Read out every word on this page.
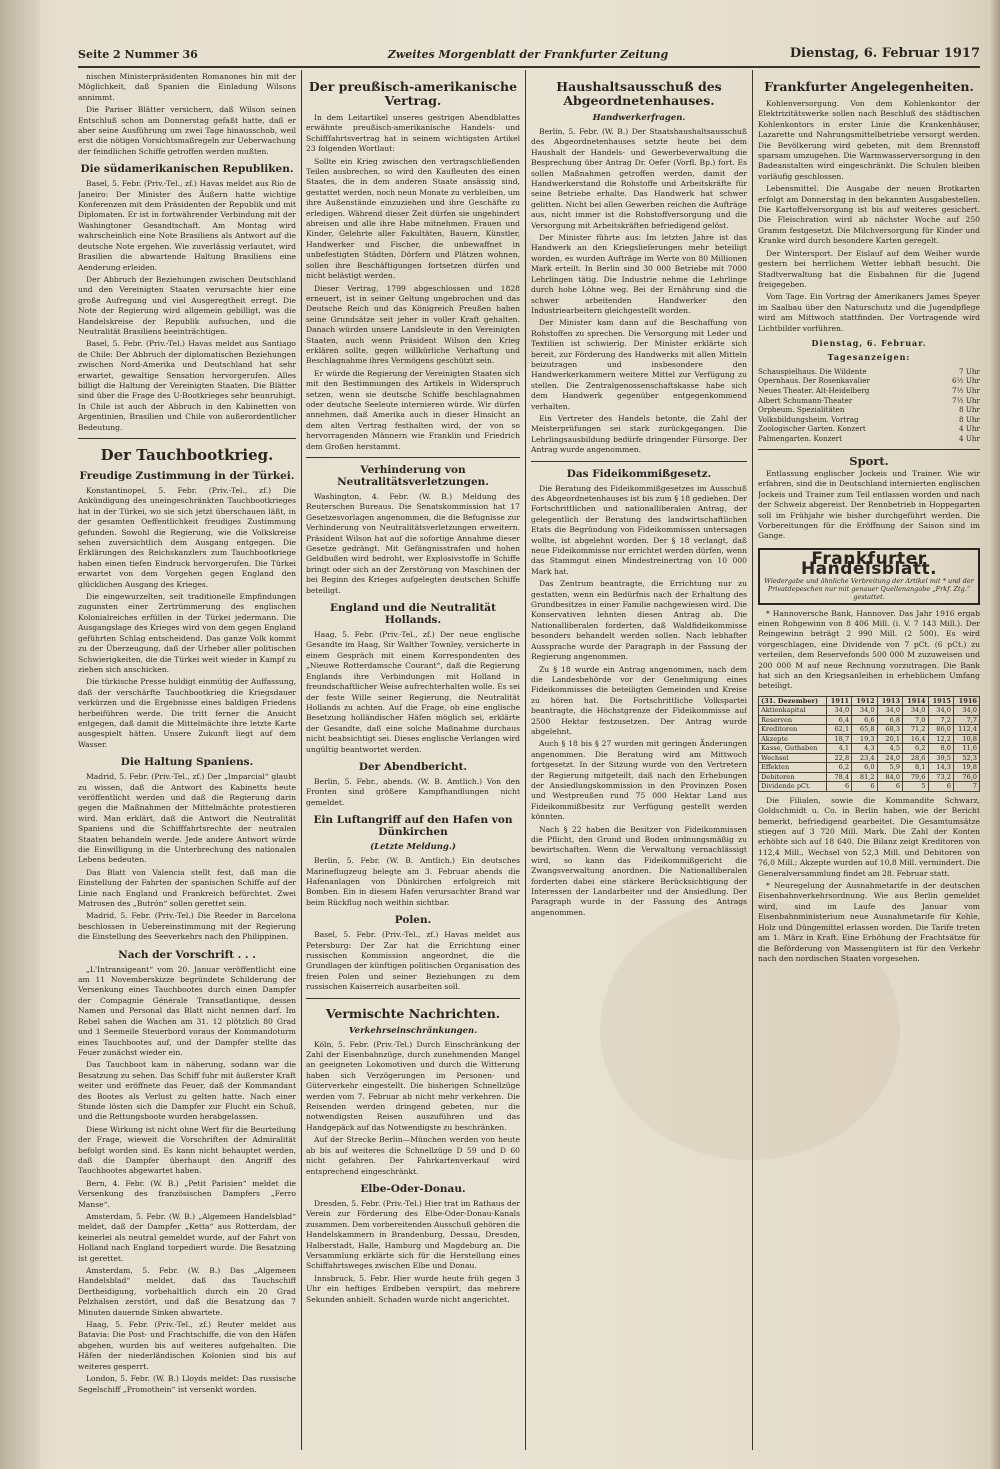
Seite 2 Nummer 36	Zweites Morgenblatt der Frankfurter Zeitung	Dienstag, 6. Februar 1917

nischen Ministerpräsidenten Romanones hin mit der Möglichkeit, daß Spanien die Einladung Wilsons annimmt.

Die Pariser Blätter versichern, daß Wilson seinen Entschluß schon am Donnerstag gefaßt hatte, daß er aber seine Ausführung um zwei Tage hinausschob, weil erst die nötigen Vorsichtsmaßregeln zur Ueberwachung der feindlichen Schiffe getroffen werden mußten.

Die südamerikanischen Republiken.

Basel, 5. Febr. (Priv.-Tel., zf.) Havas meldet aus Rio de Janeiro: Der Minister des Äußern hatte wichtige Konferenzen mit dem Präsidenten der Republik und mit Diplomaten. Er ist in fortwährender Verbindung mit der Washingtoner Gesandtschaft. Am Montag wird wahrscheinlich eine Note Brasiliens als Antwort auf die deutsche Note ergehen. Wie zuverlässig verlautet, wird Brasilien die abwartende Haltung Brasiliens eine Aenderung erleiden.

Der Abbruch der Beziehungen zwischen Deutschland und den Vereinigten Staaten verursachte hier eine große Aufregung und viel Ausgeregtheit erregt. Die Note der Regierung wird allgemein gebilligt, was die Handelskreise der Republik aufsuchen, und die Neutralität Brasiliens beeinträchtigen.

Basel, 5. Febr. (Priv.-Tel.) Havas meldet aus Santiago de Chile: Der Abbruch der diplomatischen Beziehungen zwischen Nord-Amerika und Deutschland hat sehr erwartet, gewaltige Sensation hervorgerufen. Alles billigt die Haltung der Vereinigten Staaten. Die Blätter sind über die Frage des U-Bootkrieges sehr beunruhigt. In Chile ist auch der Abbruch in den Kabinetten von Argentinien, Brasilien und Chile von außerordentlicher Bedeutung.

Der Tauchbootkrieg.
Freudige Zustimmung in der Türkei.

Konstantinopel, 5. Febr. (Priv.-Tel., zf.) Die Ankündigung des uneingeschränkten Tauchbootkrieges hat in der Türkei, wo sie sich jetzt überschauen läßt, in der gesamten Oeffentlichkeit freudiges Zustimmung gefunden. Sowohl die Regierung, wie die Volkskreise sehen zuversichtlich dem Ausgang entgegen. Die Erklärungen des Reichskanzlers zum Tauchbootkriege haben einen tiefen Eindruck hervorgerufen. Die Türkei erwartet von dem Vorgehen gegen England den glücklichen Ausgang des Krieges.

Die eingewurzelten, seit traditionelle Empfindungen zugunsten einer Zertrümmerung des englischen Kolonialreiches erfüllen in der Türkei jedermann. Die Ausgangslage des Krieges wird von dem gegen England geführten Schlag entscheidend. Das ganze Volk kommt zu der Überzeugung, daß der Urheber aller politischen Schwierigkeiten, die die Türkei weit wieder in Kampf zu ziehen sich anschicken.

Die türkische Presse huldigt einmütig der Auffassung, daß der verschärfte Tauchbootkrieg die Kriegsdauer verkürzen und die Ergebnisse eines baldigen Friedens herbeiführen werde. Die tritt ferner die Ansicht entgegen, daß damit die Mittelmächte ihre letzte Karte ausgespielt hätten. Unsere Zukunft liegt auf dem Wasser.

Die Haltung Spaniens.

Madrid, 5. Febr. (Priv.-Tel., zf.) Der „Imparcial“ glaubt zu wissen, daß die Antwort des Kabinetts heute veröffentlicht werden und daß die Regierung darin gegen die Maßnahmen der Mittelmächte protestieren wird. Man erklärt, daß die Antwort die Neutralität Spaniens und die Schifffahrtsrechte der neutralen Staaten behandeln werde. Jede andere Antwort würde die Einwilligung in die Unterbrechung des nationalen Lebens bedeuten.

Das Blatt von Valencia stellt fest, daß man die Einstellung der Fahrten der spanischen Schiffe auf der Linie nach England und Frankreich befürchtet. Zwei Matrosen des „Butrón“ sollen gerettet sein.

Madrid, 5. Febr. (Priv.-Tel.) Die Reeder in Barcelona beschlossen in Uebereinstimmung mit der Regierung die Einstellung des Seeverkehrs nach den Philippinen.

Nach der Vorschrift . . .

„L'Intransigeant“ vom 20. Januar veröffentlicht eine am 11 Novemberskizze begründete Schilderung der Versenkung eines Tauchbootes durch einen Dampfer der Compagnie Générale Transatlantique, dessen Namen und Personal das Blatt nicht nennen darf. Im Rebel sahen die Wachen am 31. 12 plötzlich 80 Grad und 1 Seemeile Steuerbord voraus der Kommandoturm eines Tauchbootes auf, und der Dampfer stellte das Feuer zunächst wieder ein.

Das Tauchboot kam in näherung, sodann war die Besatzung zu sehen. Das Schiff fuhr mit äußerster Kraft weiter und eröffnete das Feuer, daß der Kommandant des Bootes als Verlust zu gelten hatte. Nach einer Stunde lösten sich die Dampfer zur Flucht ein Schuß, und die Rettungsboote wurden herabgelassen.

Diese Wirkung ist nicht ohne Wert für die Beurteilung der Frage, wieweit die Vorschriften der Admiralität befolgt worden sind. Es kann nicht behauptet werden, daß die Dampfer überhaupt den Angriff des Tauchbootes abgewartet haben.

Bern, 4. Febr. (W. B.) „Petit Parisien“ meldet die Versenkung des französischen Dampfers „Ferro Manse“.

Amsterdam, 5. Febr. (W. B.) „Algemeen Handelsblad“ meldet, daß der Dampfer „Ketta“ aus Rotterdam, der keinerlei als neutral gemeldet wurde, auf der Fahrt von Holland nach England torpediert wurde. Die Besatzung ist gerettet.

Amsterdam, 5. Febr. (W. B.) Das „Algemeen Handelsblad“ meldet, daß das Tauchschiff Dertheidigung, vorbehaltlich durch ein 20 Grad Pelzhalsen zerstört, und daß die Besatzung das 7 Minuten dauernde Sinken abwartete.

Haag, 5. Febr. (Priv.-Tel., zf.) Reuter meldet aus Batavia: Die Post- und Frachtschiffe, die von den Häfen abgehen, wurden bis auf weiteres aufgehalten. Die Häfen der niederländischen Kolonien sind bis auf weiteres gesperrt.

London, 5. Febr. (W. B.) Lloyds meldet: Das russische Segelschiff „Promothein“ ist versenkt worden.

Der preußisch-amerikanische Vertrag.

In dem Leitartikel unseres gestrigen Abendblattes erwähnte preußisch-amerikanische Handels- und Schifffahrtsvertrag hat in seinem wichtigsten Artikel 23 folgenden Wortlaut:

Sollte ein Krieg zwischen den vertragschließenden Teilen ausbrechen, so wird den Kaufleuten des einen Staates, die in dem anderen Staate ansässig sind, gestattet werden, noch neun Monate zu verbleiben, um ihre Außenstände einzuziehen und ihre Geschäfte zu erledigen. Während dieser Zeit dürfen sie ungehindert abreisen und alle ihre Habe mitnehmen. Frauen und Kinder, Gelehrte aller Fakultäten, Bauern, Künstler, Handwerker und Fischer, die unbewaffnet in unbefestigten Städten, Dörfern und Plätzen wohnen, sollen ihre Beschäftigungen fortsetzen dürfen und nicht belästigt werden.

Dieser Vertrag, 1799 abgeschlossen und 1828 erneuert, ist in seiner Geltung ungebrochen und das Deutsche Reich und das Königreich Preußen haben seine Grundsätze seit jeher in voller Kraft gehalten. Danach würden unsere Landsleute in den Vereinigten Staaten, auch wenn Präsident Wilson den Krieg erklären sollte, gegen willkürliche Verhaftung und Beschlagnahme ihres Vermögens geschützt sein.

Er würde die Regierung der Vereinigten Staaten sich mit den Bestimmungen des Artikels in Widerspruch setzen, wenn sie deutsche Schiffe beschlagnahmen oder deutsche Seeleute internieren würde. Wir dürfen annehmen, daß Amerika auch in dieser Hinsicht an dem alten Vertrag festhalten wird, der von so hervorragenden Männern wie Franklin und Friedrich dem Großen herstammt.

Verhinderung von Neutralitätsverletzungen.

Washington, 4. Febr. (W. B.) Meldung des Reuterschen Bureaus. Die Senatskommission hat 17 Gesetzesvorlagen angenommen, die die Befugnisse zur Verhinderung von Neutralitätsverletzungen erweitern. Präsident Wilson hat auf die sofortige Annahme dieser Gesetze gedrängt. Mit Gefängnisstrafen und hohen Geldbußen wird bedroht, wer Explosivstoffe in Schiffe bringt oder sich an der Zerstörung von Maschinen der bei Beginn des Krieges aufgelegten deutschen Schiffe beteiligt.

England und die Neutralität Hollands.

Haag, 5. Febr. (Priv.-Tel., zf.) Der neue englische Gesandte im Haag, Sir Walther Townley, versicherte in einem Gespräch mit einem Korrespondenten des „Nieuwe Rotterdamsche Courant“, daß die Regierung Englands ihre Verbindungen mit Holland in freundschaftlicher Weise aufrechterhalten wolle. Es sei der feste Wille seiner Regierung, die Neutralität Hollands zu achten. Auf die Frage, ob eine englische Besetzung holländischer Häfen möglich sei, erklärte der Gesandte, daß eine solche Maßnahme durchaus nicht beabsichtigt sei. Dieses englische Verlangen wird ungültig beantwortet werden.

Der Abendbericht.

Berlin, 5. Febr., abends. (W. B. Amtlich.) Von den Fronten sind größere Kampfhandlungen nicht gemeldet.

Ein Luftangriff auf den Hafen von Dünkirchen
(Letzte Meldung.)

Berlin, 5. Febr. (W. B. Amtlich.) Ein deutsches Marineflugzeug belegte am 3. Februar abends die Hafenanlagen von Dünkirchen erfolgreich mit Bomben. Ein in diesem Hafen verursachter Brand war beim Rückflug noch weithin sichtbar.

Polen.

Basel, 5. Febr. (Priv.-Tel., zf.) Havas meldet aus Petersburg: Der Zar hat die Errichtung einer russischen Kommission angeordnet, die die Grundlagen der künftigen politischen Organisation des freien Polen und seiner Beziehungen zu dem russischen Kaiserreich ausarbeiten soll.

Vermischte Nachrichten.
Verkehrseinschränkungen.

Köln, 5. Febr. (Priv.-Tel.) Durch Einschränkung der Zahl der Eisenbahnzüge, durch zunehmenden Mangel an geeigneten Lokomotiven und durch die Witterung haben sich Verzögerungen im Personen- und Güterverkehr eingestellt. Die bisherigen Schnellzüge werden vom 7. Februar ab nicht mehr verkehren. Die Reisenden werden dringend gebeten, nur die notwendigsten Reisen auszuführen und das Handgepäck auf das Notwendigste zu beschränken.

Auf der Strecke Berlin—München werden von heute ab bis auf weiteres die Schnellzüge D 59 und D 60 nicht gefahren. Der Fahrkartenverkauf wird entsprechend eingeschränkt.

Elbe-Oder-Donau.

Dresden, 5. Febr. (Priv.-Tel.) Hier trat im Rathaus der Verein zur Förderung des Elbe-Oder-Donau-Kanals zusammen. Dem vorbereitenden Ausschuß gehören die Handelskammern in Brandenburg, Dessau, Dresden, Halberstadt, Halle, Hamburg und Magdeburg an. Die Versammlung erklärte sich für die Herstellung eines Schiffahrtsweges zwischen Elbe und Donau.

Innsbruck, 5. Febr. Hier wurde heute früh gegen 3 Uhr ein heftiges Erdbeben verspürt, das mehrere Sekunden anhielt. Schaden wurde nicht angerichtet.

Haushaltsausschuß des Abgeordnetenhauses.
Handwerkerfragen.

Berlin, 5. Febr. (W. B.) Der Staatshaushaltsausschuß des Abgeordnetenhauses setzte heute bei dem Haushalt der Handels- und Gewerbeverwaltung die Besprechung über Antrag Dr. Oefer (Vorfl. Bp.) fort. Es sollen Maßnahmen getroffen werden, damit der Handwerkerstand die Rohstoffe und Arbeitskräfte für seine Betriebe erhalte. Das Handwerk hat schwer gelitten. Nicht bei allen Gewerben reichen die Aufträge aus, nicht immer ist die Rohstoffversorgung und die Versorgung mit Arbeitskräften befriedigend gelöst.

Der Minister führte aus: Im letzten Jahre ist das Handwerk an den Kriegslieferungen mehr beteiligt worden, es wurden Aufträge im Werte von 80 Millionen Mark erteilt. In Berlin sind 30 000 Betriebe mit 7000 Lehrlingen tätig. Die Industrie nehme die Lehrlinge durch hohe Löhne weg. Bei der Ernährung sind die schwer arbeitenden Handwerker den Industriearbeitern gleichgestellt worden.

Der Minister kam dann auf die Beschaffung von Rohstoffen zu sprechen. Die Versorgung mit Leder und Textilien ist schwierig. Der Minister erklärte sich bereit, zur Förderung des Handwerks mit allen Mitteln beizutragen und insbesondere den Handwerkerkammern weitere Mittel zur Verfügung zu stellen. Die Zentralgenossenschaftskasse habe sich dem Handwerk gegenüber entgegenkommend verhalten.

Ein Vertreter des Handels betonte, die Zahl der Meisterprüfungen sei stark zurückgegangen. Die Lehrlingsausbildung bedürfe dringender Fürsorge. Der Antrag wurde angenommen.

Das Fideikommißgesetz.

Die Beratung des Fideikommißgesetzes im Ausschuß des Abgeordnetenhauses ist bis zum § 18 gediehen. Der Fortschrittlichen und nationalliberalen Antrag, der gelegentlich der Beratung des landwirtschaftlichen Etats die Begründung von Fideikommissen untersagen wollte, ist abgelehnt worden. Der § 18 verlangt, daß neue Fideikommisse nur errichtet werden dürfen, wenn das Stammgut einen Mindestreinertrag von 10 000 Mark hat.

Das Zentrum beantragte, die Errichtung nur zu gestatten, wenn ein Bedürfnis nach der Erhaltung des Grundbesitzes in einer Familie nachgewiesen wird. Die Konservativen lehnten diesen Antrag ab. Die Nationalliberalen forderten, daß Waldfideikommisse besonders behandelt werden sollen. Nach lebhafter Aussprache wurde der Paragraph in der Fassung der Regierung angenommen.

Zu § 18 wurde ein Antrag angenommen, nach dem die Landesbehörde vor der Genehmigung eines Fideikommisses die beteiligten Gemeinden und Kreise zu hören hat. Die Fortschrittliche Volkspartei beantragte, die Höchstgrenze der Fideikommisse auf 2500 Hektar festzusetzen. Der Antrag wurde abgelehnt.

Auch § 18 bis § 27 wurden mit geringen Änderungen angenommen. Die Beratung wird am Mittwoch fortgesetzt. In der Sitzung wurde von den Vertretern der Regierung mitgeteilt, daß nach den Erhebungen der Ansiedlungskommission in den Provinzen Posen und Westpreußen rund 75 000 Hektar Land aus Fideikommißbesitz zur Verfügung gestellt werden könnten.

Nach § 22 haben die Besitzer von Fideikommissen die Pflicht, den Grund und Boden ordnungsmäßig zu bewirtschaften. Wenn die Verwaltung vernachlässigt wird, so kann das Fideikommißgericht die Zwangsverwaltung anordnen. Die Nationalliberalen forderten dabei eine stärkere Berücksichtigung der Interessen der Landarbeiter und der Ansiedlung. Der Paragraph wurde in der Fassung des Antrags angenommen.

Frankfurter Angelegenheiten.

Kohlenversorgung. Von dem Kohlenkontor der Elektrizitätswerke sollen nach Beschluß des städtischen Kohlenkontors in erster Linie die Krankenhäuser, Lazarette und Nahrungsmittelbetriebe versorgt werden. Die Bevölkerung wird gebeten, mit dem Brennstoff sparsam umzugehen. Die Warmwasserversorgung in den Badeanstalten wird eingeschränkt. Die Schulen bleiben vorläufig geschlossen.

Lebensmittel. Die Ausgabe der neuen Brotkarten erfolgt am Donnerstag in den bekannten Ausgabestellen. Die Kartoffelversorgung ist bis auf weiteres gesichert. Die Fleischration wird ab nächster Woche auf 250 Gramm festgesetzt. Die Milchversorgung für Kinder und Kranke wird durch besondere Karten geregelt.

Der Wintersport. Der Eislauf auf dem Weiher wurde gestern bei herrlichem Wetter lebhaft besucht. Die Stadtverwaltung hat die Eisbahnen für die Jugend freigegeben.

Vom Tage. Ein Vortrag der Amerikaners James Speyer im Saalbau über den Naturschutz und die Jugendpflege wird am Mittwoch stattfinden. Der Vortragende wird Lichtbilder vorführen.

Dienstag, 6. Februar.
Tagesanzeigen:
Schauspielhaus. Die Wildente	7 Uhr
Opernhaus. Der Rosenkavalier	6½ Uhr
Neues Theater. Alt-Heidelberg	7½ Uhr
Albert Schumann-Theater	7½ Uhr
Orpheum. Spezialitäten	8 Uhr
Volksbildungsheim. Vortrag	8 Uhr
Zoologischer Garten. Konzert	4 Uhr
Palmengarten. Konzert	4 Uhr
Sport.

Entlassung englischer Jockeis und Trainer. Wie wir erfahren, sind die in Deutschland internierten englischen Jockeis und Trainer zum Teil entlassen worden und nach der Schweiz abgereist. Der Rennbetrieb in Hoppegarten soll im Frühjahr wie bisher durchgeführt werden. Die Vorbereitungen für die Eröffnung der Saison sind im Gange.

Frankfurter Handelsblatt.
Wiedergabe und ähnliche Verbreitung der Artikel mit * und der Privatdepeschen nur mit genauer Quellenangabe „Frkf. Ztg.“ gestattet.

* Hannoversche Bank, Hannover. Das Jahr 1916 ergab einen Rohgewinn von 8 406 Mill. (i. V. 7 143 Mill.). Der Reingewinn beträgt 2 990 Mill. (2 500). Es wird vorgeschlagen, eine Dividende von 7 pCt. (6 pCt.) zu verteilen, dem Reservefonds 500 000 M zuzuweisen und 200 000 M auf neue Rechnung vorzutragen. Die Bank hat sich an den Kriegsanleihen in erheblichem Umfang beteiligt.

(31. Dezember)	1911	1912	1913	1914	1915	1916
Aktienkapital	34,0	34,0	34,0	34,0	34,0	34,0
Reserven	6,4	6,6	6,8	7,0	7,2	7,7
Kreditoren	62,1	65,8	68,3	71,2	86,0	112,4
Akzepte	18,7	19,3	20,1	16,4	12,2	10,8
Kasse, Guthaben	4,1	4,3	4,5	6,2	8,0	11,6
Wechsel	22,8	23,4	24,0	28,6	39,5	52,3
Effekten	6,2	6,0	5,9	8,1	14,3	19,8
Debitoren	78,4	81,2	84,0	79,6	73,2	76,0
Dividende pCt.	6	6	6	5	6	7

Die Filialen, sowie die Kommandite Schwarz, Goldschmidt u. Co. in Berlin haben, wie der Bericht bemerkt, befriedigend gearbeitet. Die Gesamtumsätze stiegen auf 3 720 Mill. Mark. Die Zahl der Konten erhöhte sich auf 18 640. Die Bilanz zeigt Kreditoren von 112,4 Mill., Wechsel von 52,3 Mill. und Debitoren von 76,0 Mill.; Akzepte wurden auf 10,8 Mill. vermindert. Die Generalversammlung findet am 28. Februar statt.

* Neuregelung der Ausnahmetarife in der deutschen Eisenbahnverkehrsordnung. Wie aus Berlin gemeldet wird, sind im Laufe des Januar vom Eisenbahnministerium neue Ausnahmetarife für Kohle, Holz und Düngemittel erlassen worden. Die Tarife treten am 1. März in Kraft. Eine Erhöhung der Frachtsätze für die Beförderung von Massengütern ist für den Verkehr nach den nordischen Staaten vorgesehen.
